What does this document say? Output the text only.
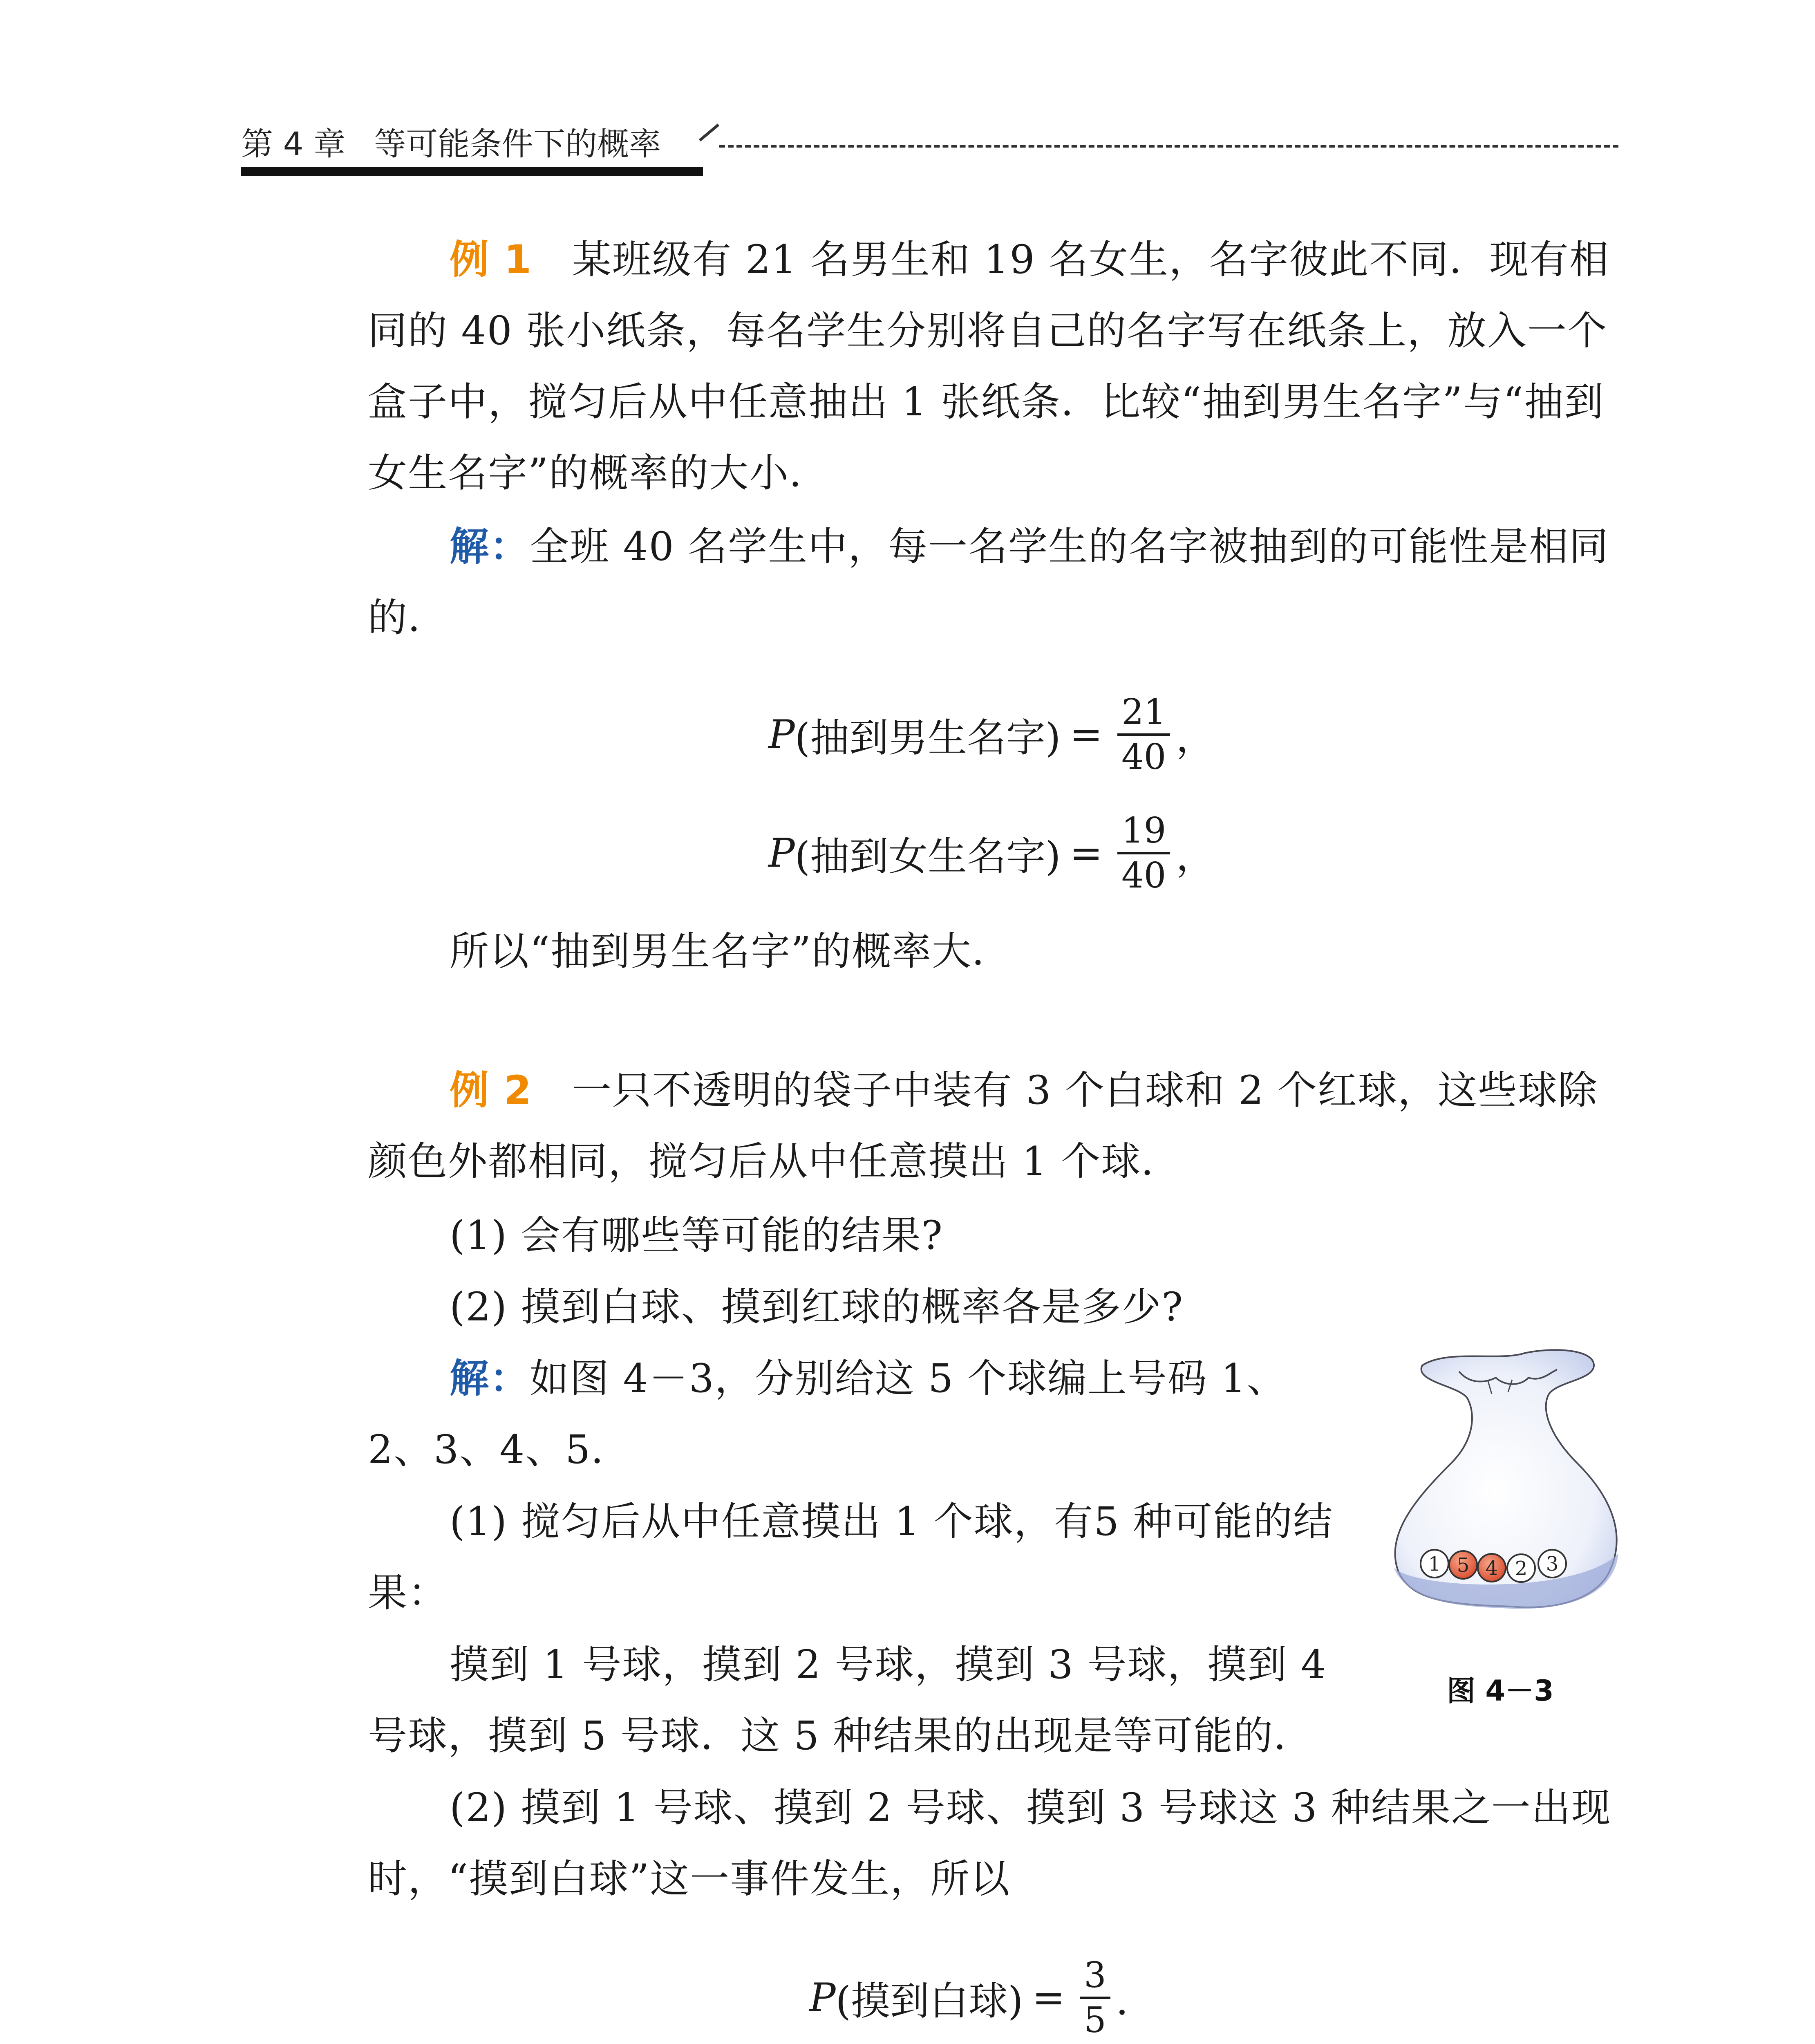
第 4 章 等可能条件下的概率

例 1 某班级有 21 名男生和 19 名女生，名字彼此不同．现有相同的 40 张小纸条，每名学生分别将自己的名字写在纸条上，放入一个盒子中，搅匀后从中任意抽出 1 张纸条．比较“抽到男生名字”与“抽到女生名字”的概率的大小．

解：全班 40 名学生中，每一名学生的名字被抽到的可能性是相同的．

P (抽到男生名字) = $\frac{21}{40}$ ，
P (抽到女生名字) = $\frac{19}{40}$ ，

所以“抽到男生名字”的概率大．

例 2 一只不透明的袋子中装有 3 个白球和 2 个红球，这些球除颜色外都相同，搅匀后从中任意摸出 1 个球．

(1) 会有哪些等可能的结果?

(2) 摸到白球、摸到红球的概率各是多少?

解：如图 4－3，分别给这 5 个球编上号码 1、2、3、4、5．

(1) 搅匀后从中任意摸出 1 个球，有5 种可能的结果：

摸到 1 号球，摸到 2 号球，摸到 3 号球，摸到 4 号球，摸到 5 号球．这 5 种结果的出现是等可能的．

(2) 摸到 1 号球、摸到 2 号球、摸到 3 号球这 3 种结果之一出现时，“摸到白球”这一事件发生，所以

P (摸到白球) = $\frac{3}{5}$ ．

1 5 4 2 3
图 4－3
